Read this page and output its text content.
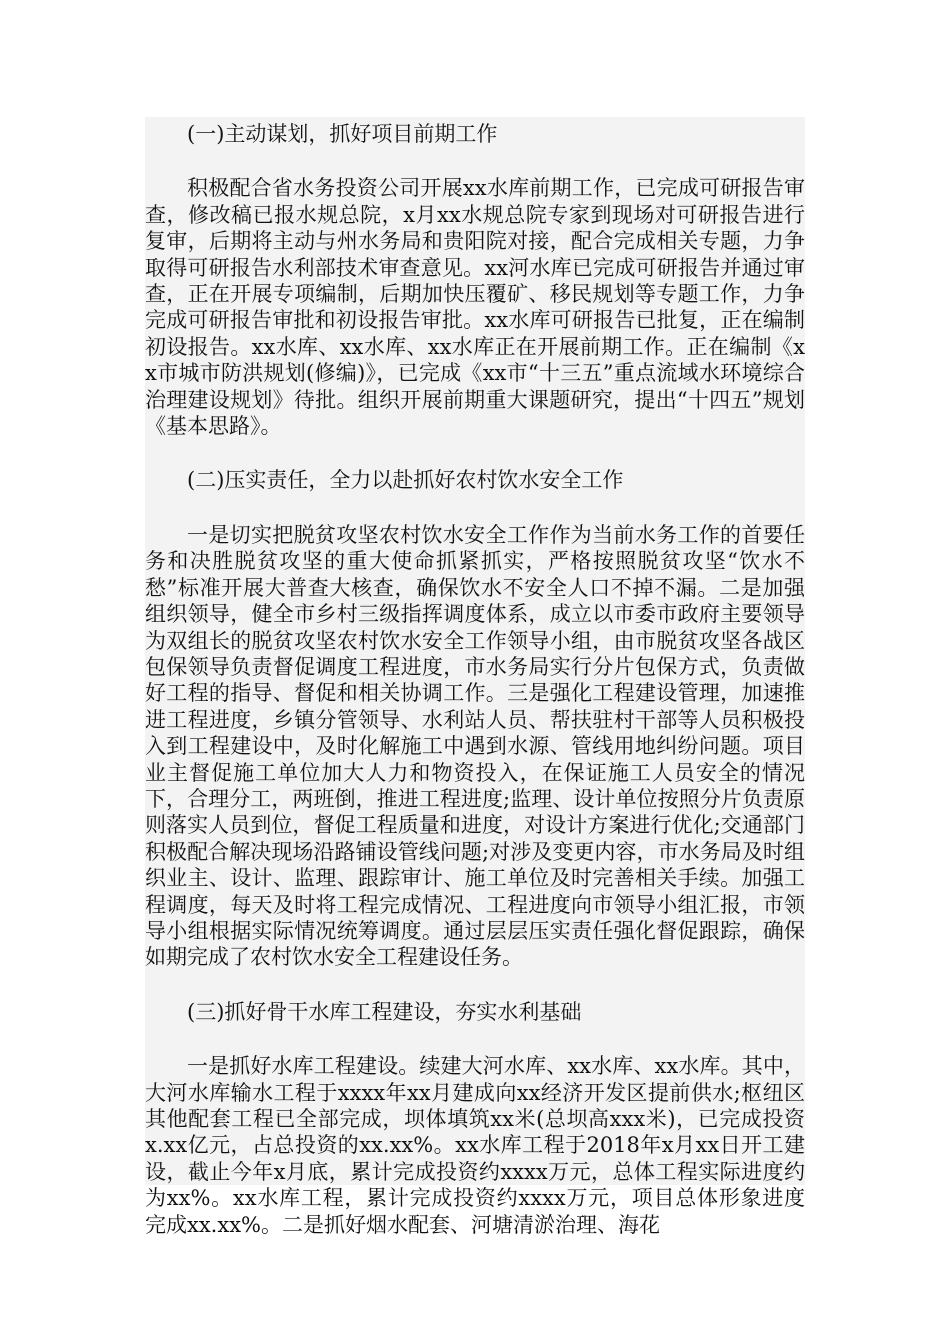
(一)主动谋划，抓好项目前期工作

积极配合省水务投资公司开展xx水库前期工作，已完成可研报告审查，修改稿已报水规总院，x月xx水规总院专家到现场对可研报告进行复审，后期将主动与州水务局和贵阳院对接，配合完成相关专题，力争取得可研报告水利部技术审查意见。xx河水库已完成可研报告并通过审查，正在开展专项编制，后期加快压覆矿、移民规划等专题工作，力争完成可研报告审批和初设报告审批。xx水库可研报告已批复，正在编制初设报告。xx水库、xx水库、xx水库正在开展前期工作。正在编制《xx市城市防洪规划(修编)》，已完成《xx市“十三五”重点流域水环境综合治理建设规划》待批。组织开展前期重大课题研究，提出“十四五”规划《基本思路》。

(二)压实责任，全力以赴抓好农村饮水安全工作

一是切实把脱贫攻坚农村饮水安全工作作为当前水务工作的首要任务和决胜脱贫攻坚的重大使命抓紧抓实，严格按照脱贫攻坚“饮水不愁”标准开展大普查大核查，确保饮水不安全人口不掉不漏。二是加强组织领导，健全市乡村三级指挥调度体系，成立以市委市政府主要领导为双组长的脱贫攻坚农村饮水安全工作领导小组，由市脱贫攻坚各战区包保领导负责督促调度工程进度，市水务局实行分片包保方式，负责做好工程的指导、督促和相关协调工作。三是强化工程建设管理，加速推进工程进度，乡镇分管领导、水利站人员、帮扶驻村干部等人员积极投入到工程建设中，及时化解施工中遇到水源、管线用地纠纷问题。项目业主督促施工单位加大人力和物资投入，在保证施工人员安全的情况下，合理分工，两班倒，推进工程进度;监理、设计单位按照分片负责原则落实人员到位，督促工程质量和进度，对设计方案进行优化;交通部门积极配合解决现场沿路铺设管线问题;对涉及变更内容，市水务局及时组织业主、设计、监理、跟踪审计、施工单位及时完善相关手续。加强工程调度，每天及时将工程完成情况、工程进度向市领导小组汇报，市领导小组根据实际情况统筹调度。通过层层压实责任强化督促跟踪，确保如期完成了农村饮水安全工程建设任务。

(三)抓好骨干水库工程建设，夯实水利基础

一是抓好水库工程建设。续建大河水库、xx水库、xx水库。其中，大河水库输水工程于xxxx年xx月建成向xx经济开发区提前供水;枢纽区其他配套工程已全部完成，坝体填筑xx米(总坝高xxx米)，已完成投资x.xx亿元，占总投资的xx.xx%。xx水库工程于2018年x月xx日开工建设，截止今年x月底，累计完成投资约xxxx万元，总体工程实际进度约为xx%。xx水库工程，累计完成投资约xxxx万元，项目总体形象进度完成xx.xx%。二是抓好烟水配套、河塘清淤治理、海花
